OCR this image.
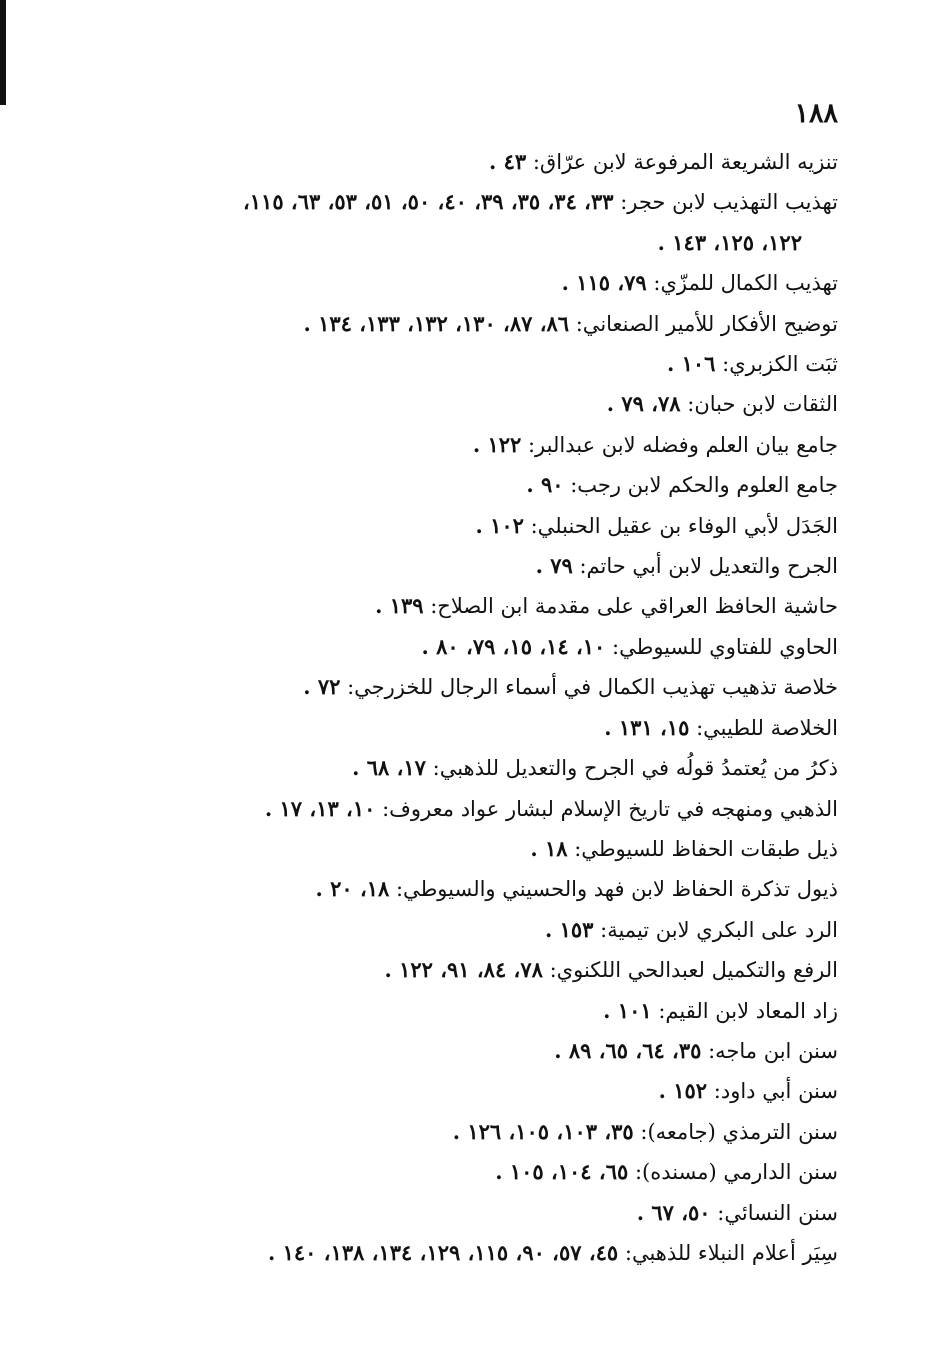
١٨٨
تنزيه الشريعة المرفوعة لابن عرّاق: ٤٣ .
تهذيب التهذيب لابن حجر: ٣٣، ٣٤، ٣٥، ٣٩، ٤٠، ٥٠، ٥١، ٥٣، ٦٣، ١١٥،
١٢٢، ١٢٥، ١٤٣ .
تهذيب الكمال للمزّي: ٧٩، ١١٥ .
توضيح الأفكار للأمير الصنعاني: ٨٦، ٨٧، ١٣٠، ١٣٢، ١٣٣، ١٣٤ .
ثبَت الكزبري: ١٠٦ .
الثقات لابن حبان: ٧٨، ٧٩ .
جامع بيان العلم وفضله لابن عبدالبر: ١٢٢ .
جامع العلوم والحكم لابن رجب: ٩٠ .
الجَدَل لأبي الوفاء بن عقيل الحنبلي: ١٠٢ .
الجرح والتعديل لابن أبي حاتم: ٧٩ .
حاشية الحافظ العراقي على مقدمة ابن الصلاح: ١٣٩ .
الحاوي للفتاوي للسيوطي: ١٠، ١٤، ١٥، ٧٩، ٨٠ .
خلاصة تذهيب تهذيب الكمال في أسماء الرجال للخزرجي: ٧٢ .
الخلاصة للطيبي: ١٥، ١٣١ .
ذكرُ من يُعتمدُ قولُه في الجرح والتعديل للذهبي: ١٧، ٦٨ .
الذهبي ومنهجه في تاريخ الإسلام لبشار عواد معروف: ١٠، ١٣، ١٧ .
ذيل طبقات الحفاظ للسيوطي: ١٨ .
ذيول تذكرة الحفاظ لابن فهد والحسيني والسيوطي: ١٨، ٢٠ .
الرد على البكري لابن تيمية: ١٥٣ .
الرفع والتكميل لعبدالحي اللكنوي: ٧٨، ٨٤، ٩١، ١٢٢ .
زاد المعاد لابن القيم: ١٠١ .
سنن ابن ماجه: ٣٥، ٦٤، ٦٥، ٨٩ .
سنن أبي داود: ١٥٢ .
سنن الترمذي (جامعه): ٣٥، ١٠٣، ١٠٥، ١٢٦ .
سنن الدارمي (مسنده): ٦٥، ١٠٤، ١٠٥ .
سنن النسائي: ٥٠، ٦٧ .
سِيَر أعلام النبلاء للذهبي: ٤٥، ٥٧، ٩٠، ١١٥، ١٢٩، ١٣٤، ١٣٨، ١٤٠ .
